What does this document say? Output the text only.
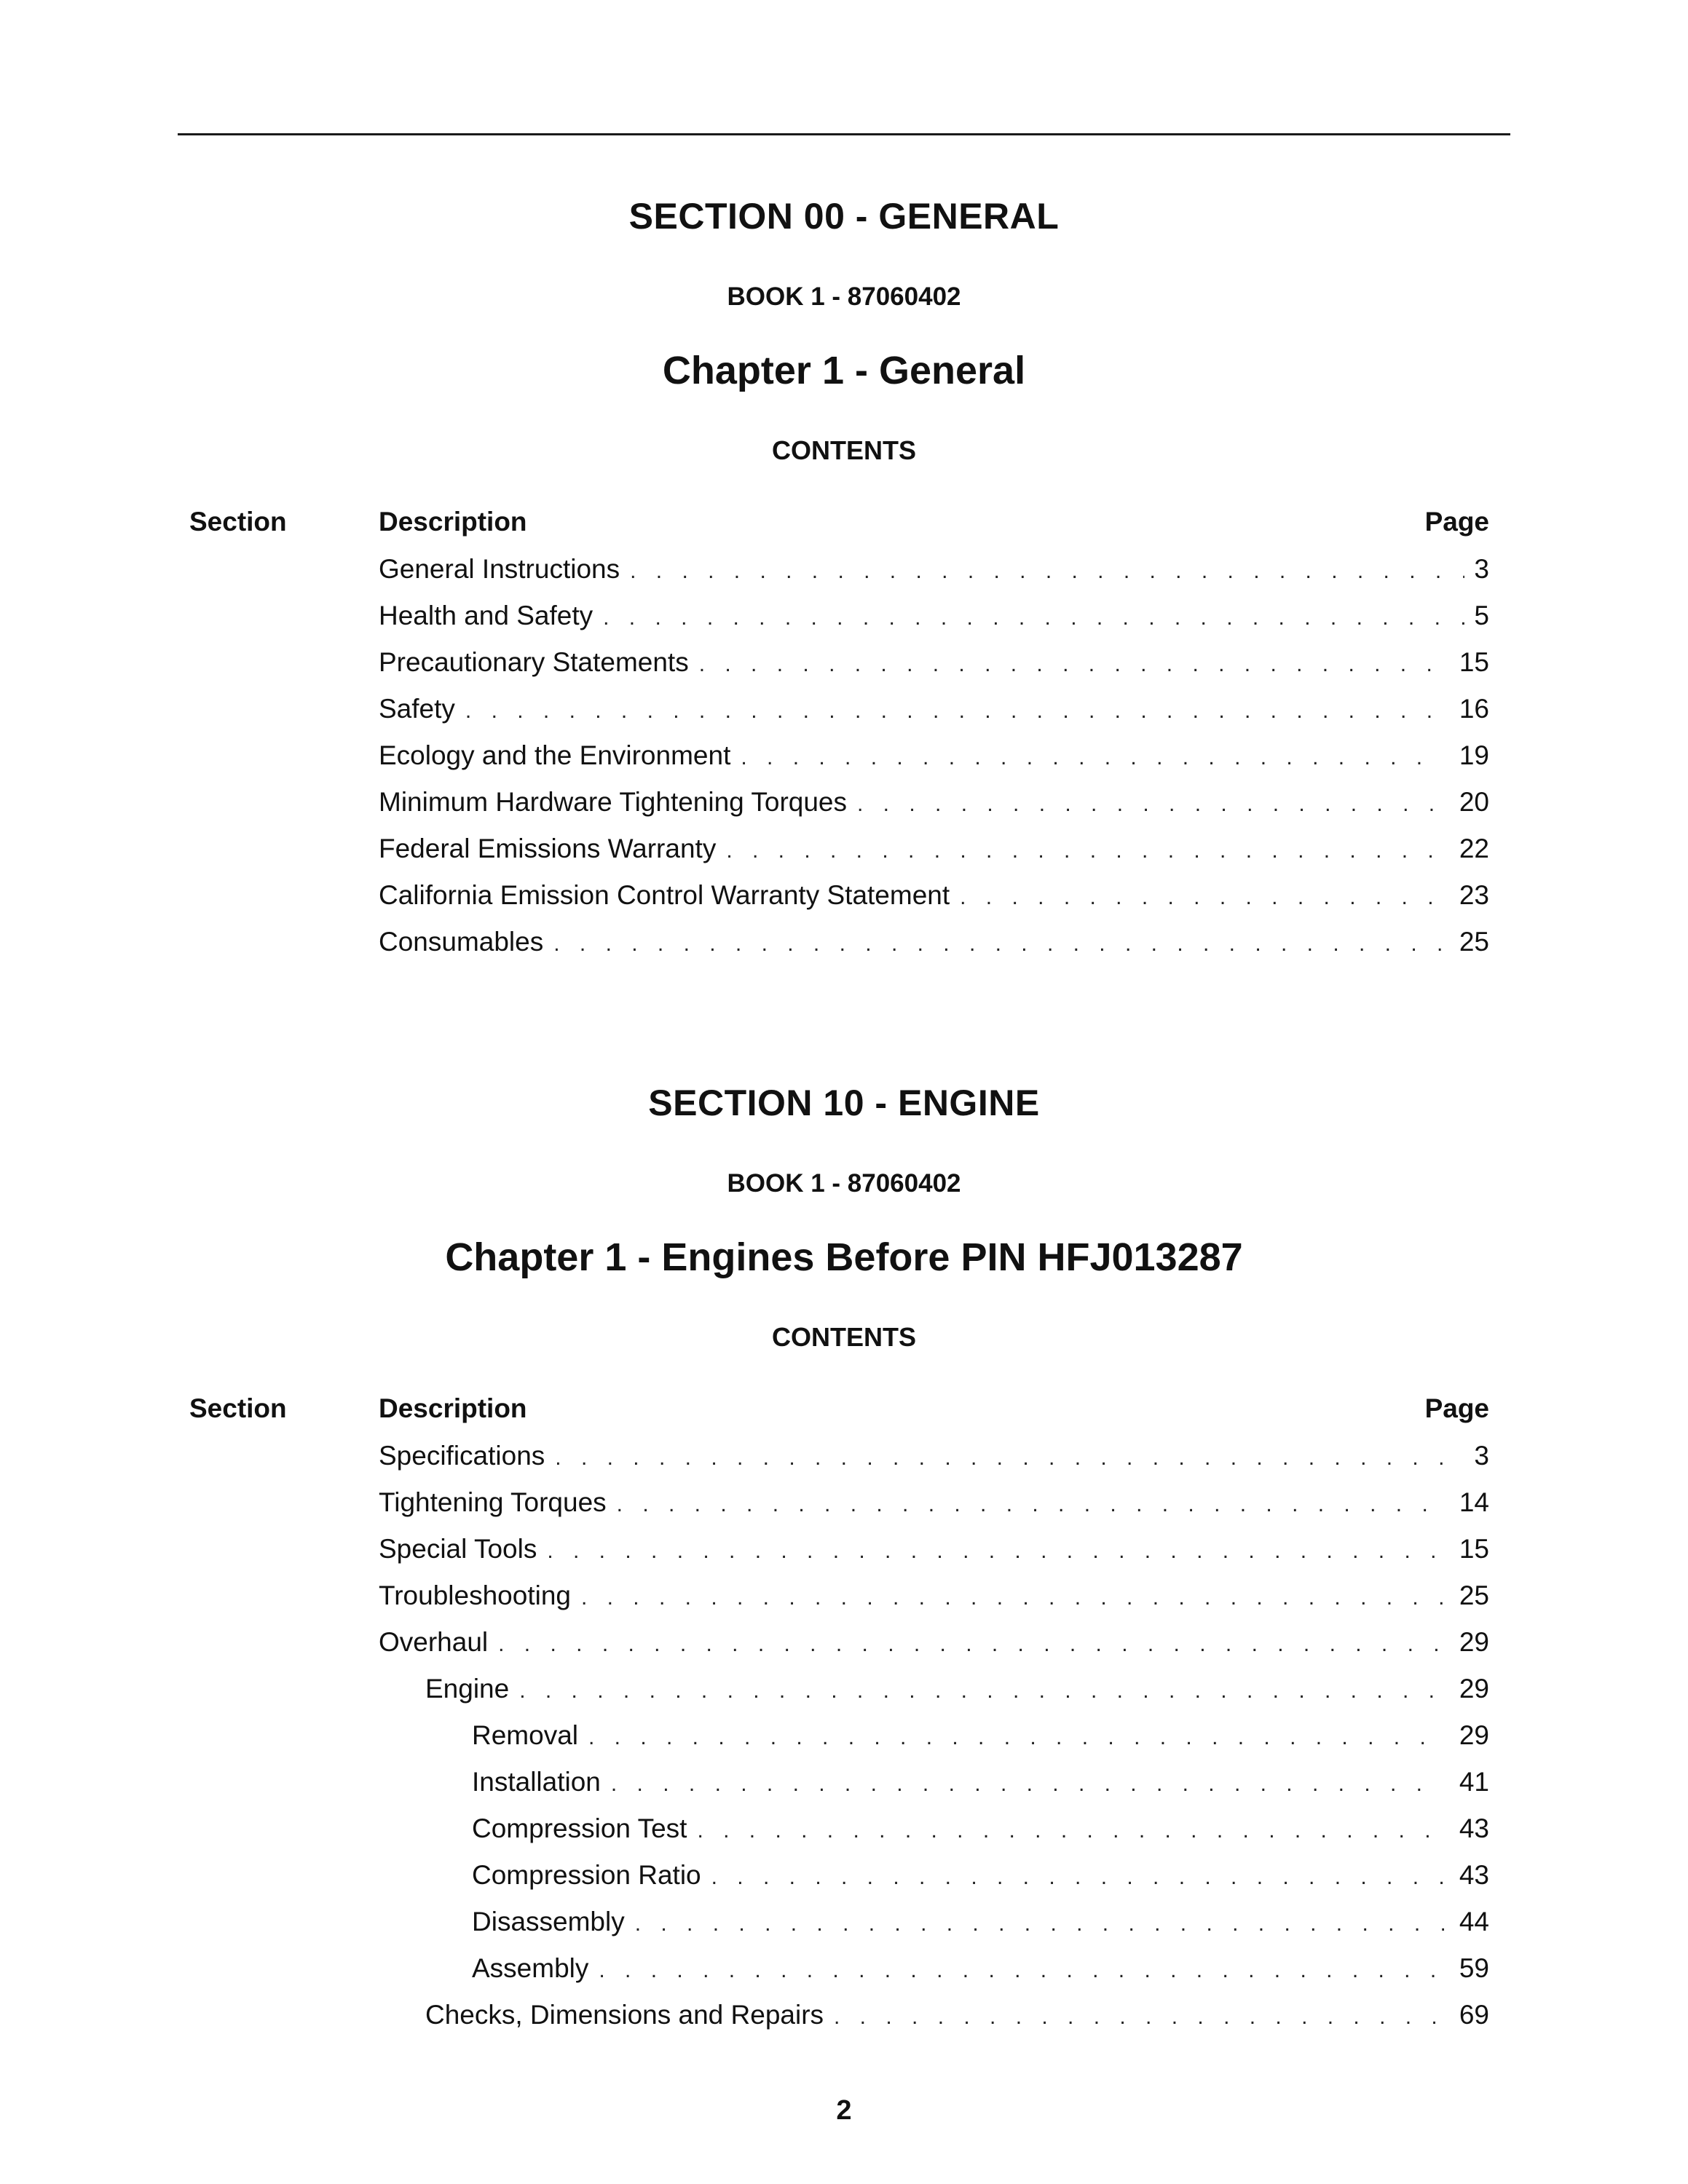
SECTION 00 - GENERAL
BOOK 1 - 87060402
Chapter 1 - General
CONTENTS
Section	Description	Page
General Instructions . . .	3
Health and Safety . . .	5
Precautionary Statements . . .	15
Safety . . .	16
Ecology and the Environment . . .	19
Minimum Hardware Tightening Torques . . .	20
Federal Emissions Warranty . . .	22
California Emission Control Warranty Statement . . .	23
Consumables . . .	25
SECTION 10 - ENGINE
BOOK 1 - 87060402
Chapter 1 - Engines Before PIN HFJ013287
CONTENTS
Section	Description	Page
Specifications . . .	3
Tightening Torques . . .	14
Special Tools . . .	15
Troubleshooting . . .	25
Overhaul . . .	29
Engine . . .	29
Removal . . .	29
Installation . . .	41
Compression Test . . .	43
Compression Ratio . . .	43
Disassembly . . .	44
Assembly . . .	59
Checks, Dimensions and Repairs . . .	69
2
